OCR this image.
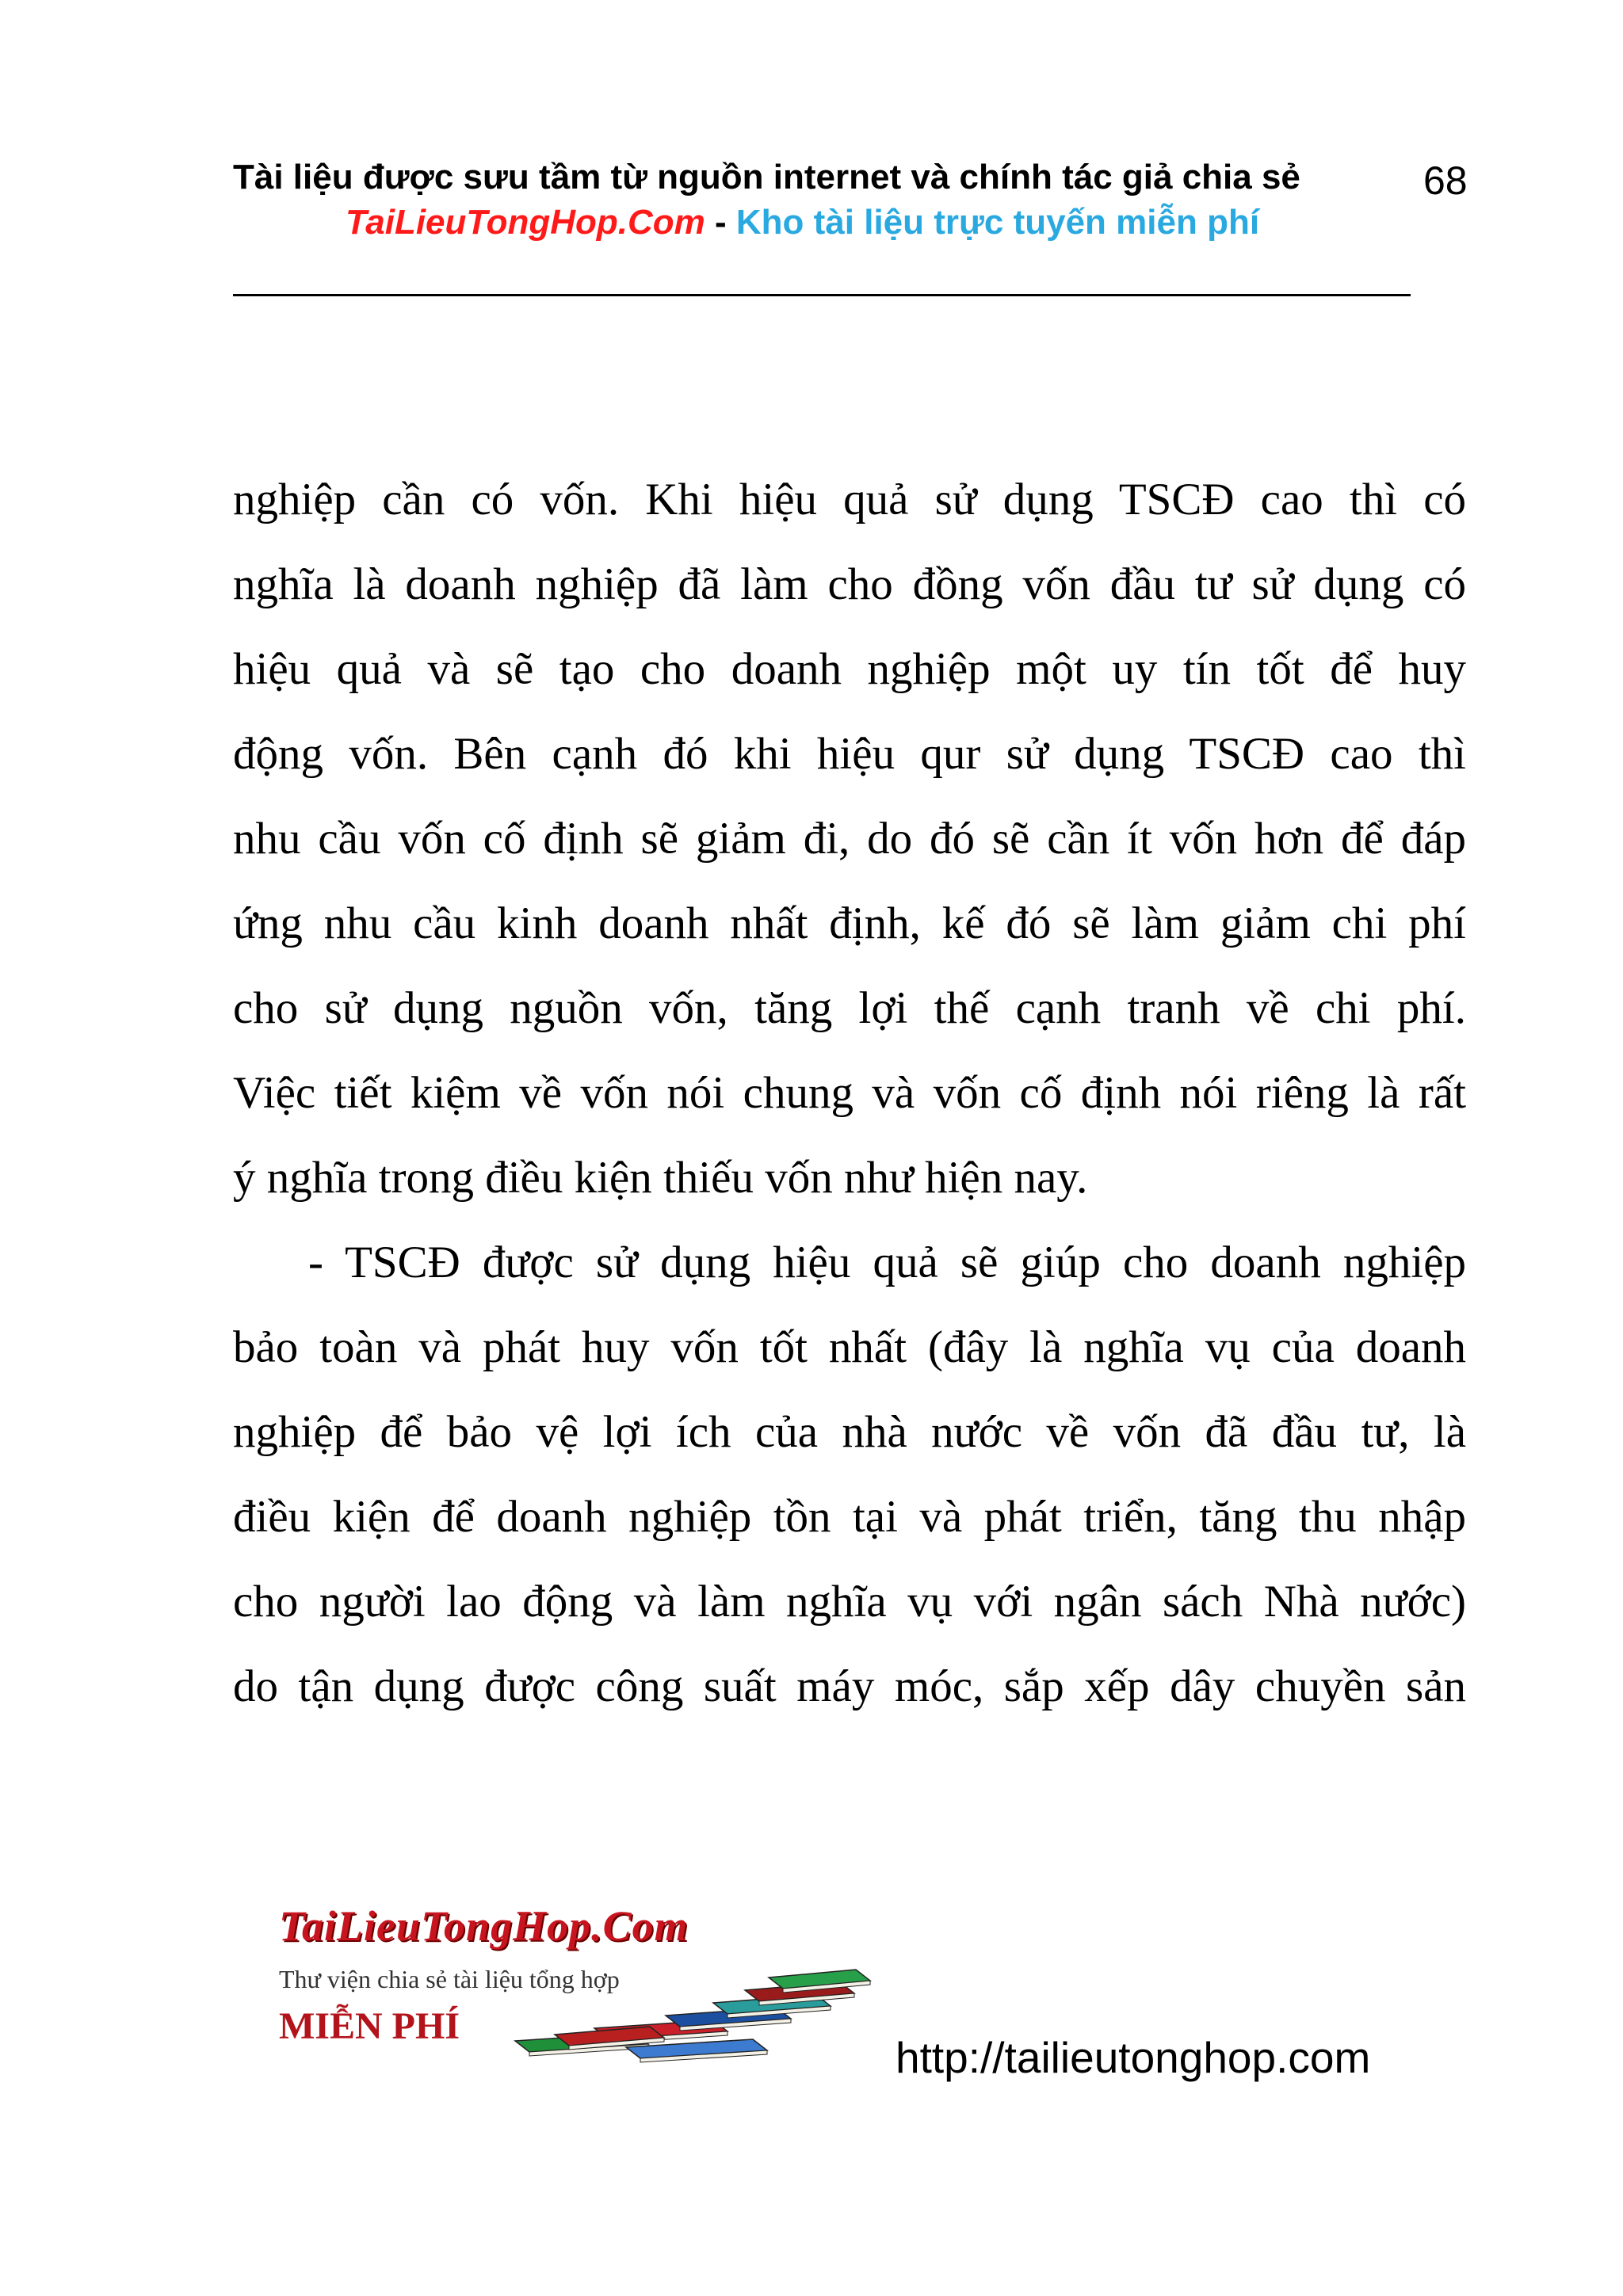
Tài liệu được sưu tầm từ nguồn internet và chính tác giả chia sẻ	68
TaiLieuTongHop.Com - Kho tài liệu trực tuyến miễn phí
nghiệp cần có vốn. Khi hiệu quả sử dụng TSCĐ cao thì có
nghĩa là doanh nghiệp đã làm cho đồng vốn đầu tư sử dụng có
hiệu quả và sẽ tạo cho doanh nghiệp một uy tín tốt để huy
động vốn. Bên cạnh đó khi hiệu qur sử dụng TSCĐ cao thì
nhu cầu vốn cố định sẽ giảm đi, do đó sẽ cần ít vốn hơn để đáp
ứng nhu cầu kinh doanh nhất định, kế đó sẽ làm giảm chi phí
cho sử dụng nguồn vốn, tăng lợi thế cạnh tranh về chi phí.
Việc tiết kiệm về vốn nói chung và vốn cố định nói riêng là rất
ý nghĩa trong điều kiện thiếu vốn như hiện nay.
- TSCĐ được sử dụng hiệu quả sẽ giúp cho doanh nghiệp
bảo toàn và phát huy vốn tốt nhất (đây là nghĩa vụ của doanh
nghiệp để bảo vệ lợi ích của nhà nước về vốn đã đầu tư, là
điều kiện để doanh nghiệp tồn tại và phát triển, tăng thu nhập
cho người lao động và làm nghĩa vụ với ngân sách Nhà nước)
do tận dụng được công suất máy móc, sắp xếp dây chuyền sản
TaiLieuTongHop.Com
Thư viện chia sẻ tài liệu tổng hợp
MIỄN PHÍ
http://tailieutonghop.com
